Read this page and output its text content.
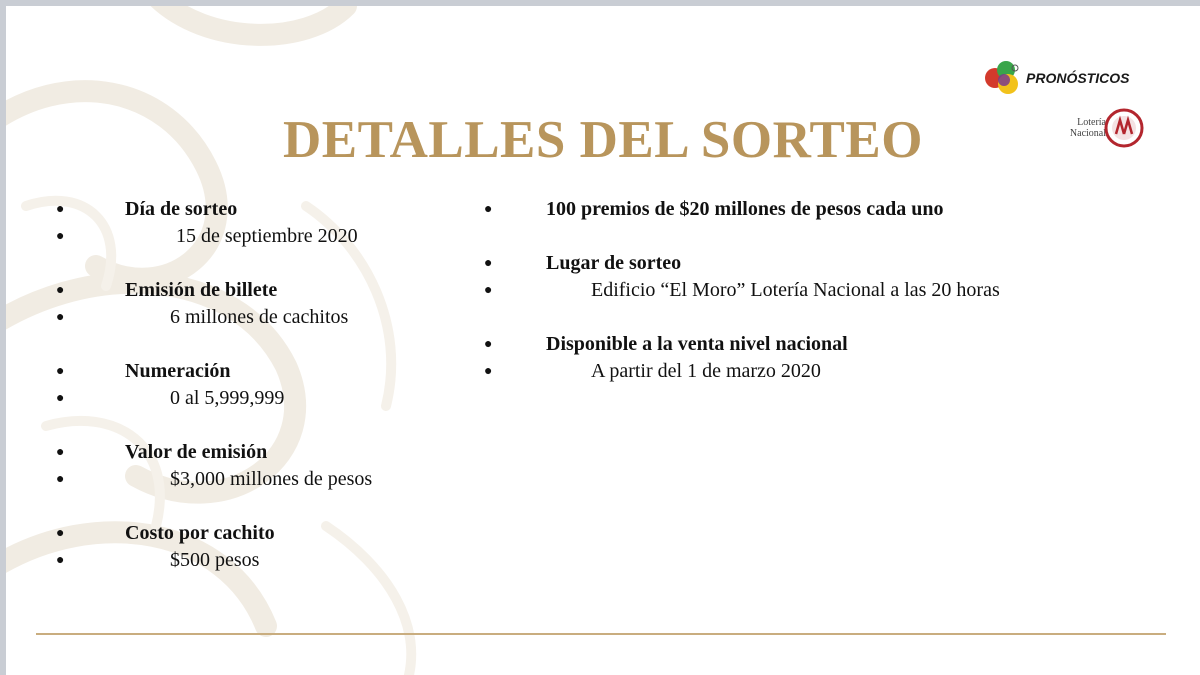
DETALLES DEL SORTEO
PRONÓSTICOS
Lotería
Nacional
●	Día de sorteo
●	15 de septiembre 2020
●	Emisión de billete
●	6 millones de cachitos
●	Numeración
●	0 al 5,999,999
●	Valor de emisión
●	$3,000 millones de pesos
●	Costo por cachito
●	$500 pesos
●	100 premios de $20 millones de pesos cada uno
●	Lugar de sorteo
●	Edificio “El Moro” Lotería Nacional a las 20 horas
●	Disponible a la venta nivel nacional
●	A partir del 1 de marzo 2020
